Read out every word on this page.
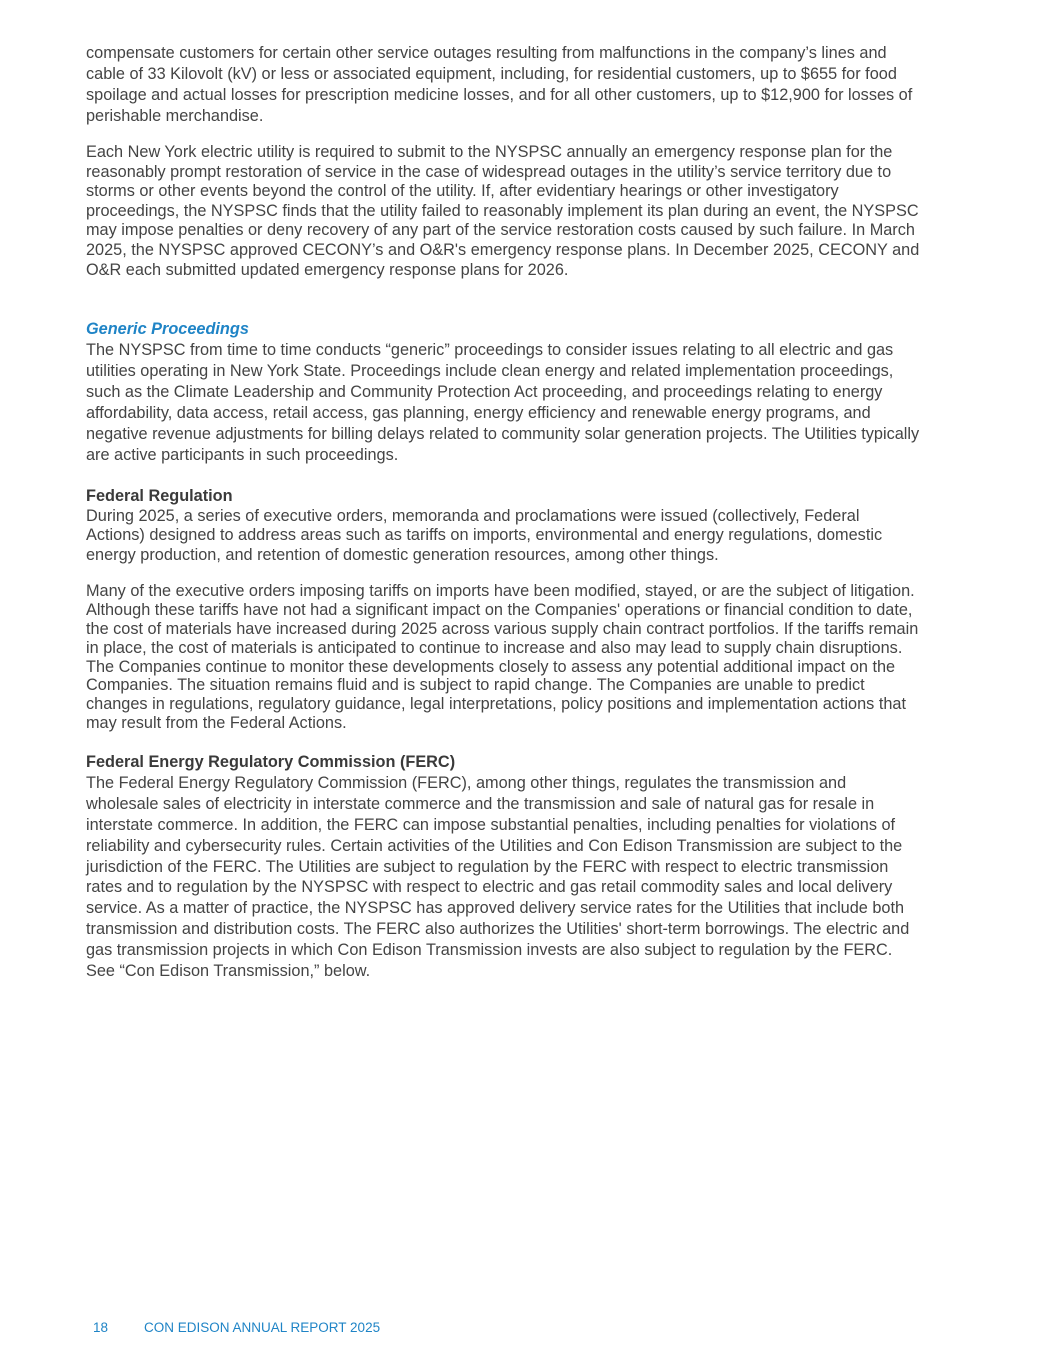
compensate customers for certain other service outages resulting from malfunctions in the company’s lines and
cable of 33 Kilovolt (kV) or less or associated equipment, including, for residential customers, up to $655 for food
spoilage and actual losses for prescription medicine losses, and for all other customers, up to $12,900 for losses of
perishable merchandise.
Each New York electric utility is required to submit to the NYSPSC annually an emergency response plan for the
reasonably prompt restoration of service in the case of widespread outages in the utility’s service territory due to
storms or other events beyond the control of the utility. If, after evidentiary hearings or other investigatory
proceedings, the NYSPSC finds that the utility failed to reasonably implement its plan during an event, the NYSPSC
may impose penalties or deny recovery of any part of the service restoration costs caused by such failure. In March
2025, the NYSPSC approved CECONY’s and O&R's emergency response plans. In December 2025, CECONY and
O&R each submitted updated emergency response plans for 2026.
Generic Proceedings
The NYSPSC from time to time conducts “generic” proceedings to consider issues relating to all electric and gas
utilities operating in New York State. Proceedings include clean energy and related implementation proceedings,
such as the Climate Leadership and Community Protection Act proceeding, and proceedings relating to energy
affordability, data access, retail access, gas planning, energy efficiency and renewable energy programs, and
negative revenue adjustments for billing delays related to community solar generation projects. The Utilities typically
are active participants in such proceedings.
Federal Regulation
During 2025, a series of executive orders, memoranda and proclamations were issued (collectively, Federal
Actions) designed to address areas such as tariffs on imports, environmental and energy regulations, domestic
energy production, and retention of domestic generation resources, among other things.
Many of the executive orders imposing tariffs on imports have been modified, stayed, or are the subject of litigation.
Although these tariffs have not had a significant impact on the Companies' operations or financial condition to date,
the cost of materials have increased during 2025 across various supply chain contract portfolios. If the tariffs remain
in place, the cost of materials is anticipated to continue to increase and also may lead to supply chain disruptions.
The Companies continue to monitor these developments closely to assess any potential additional impact on the
Companies. The situation remains fluid and is subject to rapid change. The Companies are unable to predict
changes in regulations, regulatory guidance, legal interpretations, policy positions and implementation actions that
may result from the Federal Actions.
Federal Energy Regulatory Commission (FERC)
The Federal Energy Regulatory Commission (FERC), among other things, regulates the transmission and
wholesale sales of electricity in interstate commerce and the transmission and sale of natural gas for resale in
interstate commerce. In addition, the FERC can impose substantial penalties, including penalties for violations of
reliability and cybersecurity rules. Certain activities of the Utilities and Con Edison Transmission are subject to the
jurisdiction of the FERC. The Utilities are subject to regulation by the FERC with respect to electric transmission
rates and to regulation by the NYSPSC with respect to electric and gas retail commodity sales and local delivery
service. As a matter of practice, the NYSPSC has approved delivery service rates for the Utilities that include both
transmission and distribution costs. The FERC also authorizes the Utilities' short-term borrowings. The electric and
gas transmission projects in which Con Edison Transmission invests are also subject to regulation by the FERC.
See “Con Edison Transmission,” below.
18	CON EDISON ANNUAL REPORT 2025
